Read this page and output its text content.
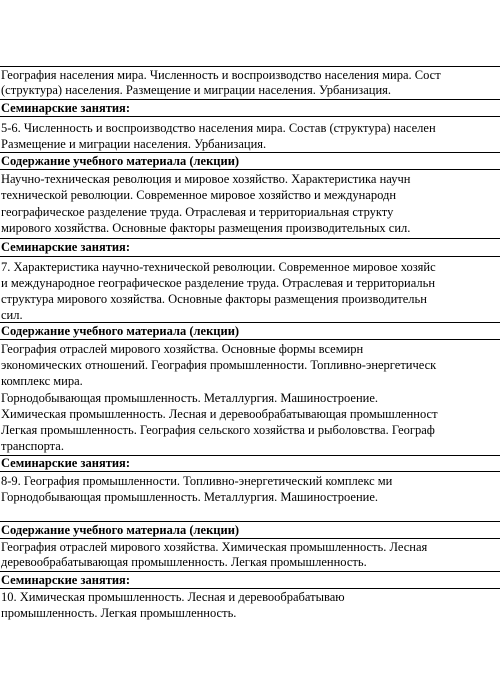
География населения мира. Численность и воспроизводство населения мира. Сост
(структура) населения. Размещение и миграции населения. Урбанизация.
Семинарские занятия:
5-6. Численность и воспроизводство населения мира. Состав (структура) населен
Размещение и миграции населения. Урбанизация.
Содержание учебного материала (лекции)
Научно-техническая революция и мировое хозяйство. Характеристика научн
технической революции. Современное мировое хозяйство и международн
географическое разделение труда. Отраслевая и территориальная структу
мирового хозяйства. Основные факторы размещения производительных сил.
Семинарские занятия:
7. Характеристика научно-технической революции. Современное мировое хозяйс
и международное географическое разделение труда. Отраслевая и территориальн
структура мирового хозяйства. Основные факторы размещения производительн
сил.
Содержание учебного материала (лекции)
География отраслей мирового хозяйства. Основные формы всемирн
экономических отношений. География промышленности. Топливно-энергетическ
комплекс мира.
Горнодобывающая промышленность. Металлургия. Машиностроение.
Химическая промышленность. Лесная и деревообрабатывающая промышленност
Легкая промышленность. География сельского хозяйства и рыболовства. Географ
транспорта.
Семинарские занятия:
8-9. География промышленности. Топливно-энергетический комплекс ми
Горнодобывающая промышленность. Металлургия. Машиностроение.
Содержание учебного материала (лекции)
География отраслей мирового хозяйства. Химическая промышленность. Лесная
деревообрабатывающая промышленность. Легкая промышленность.
Семинарские занятия:
10. Химическая промышленность. Лесная и деревообрабатываю
промышленность. Легкая промышленность.
